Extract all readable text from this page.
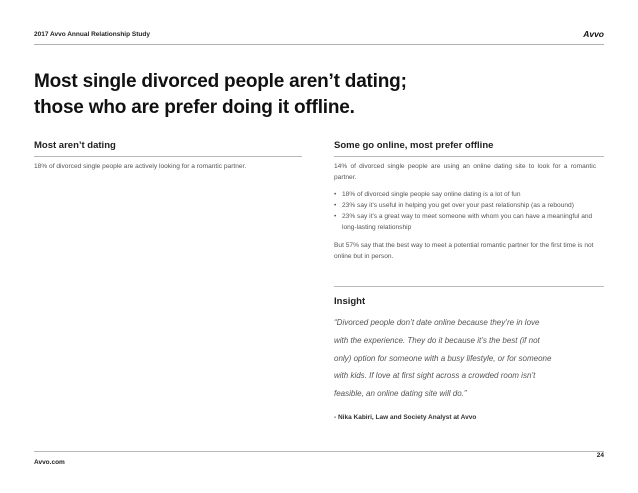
2017 Avvo Annual Relationship Study	Avvo
Most single divorced people aren’t dating;
those who are prefer doing it offline.
Most aren’t dating
18% of divorced single people are actively looking for a romantic partner.
Some go online, most prefer offline
14% of divorced single people are using an online dating site to look for a romantic partner.
• 18% of divorced single people say online dating is a lot of fun
• 23% say it’s useful in helping you get over your past relationship (as a rebound)
• 23% say it’s a great way to meet someone with whom you can have a meaningful and long-lasting relationship
But 57% say that the best way to meet a potential romantic partner for the first time is not online but in person.
Insight
“Divorced people don’t date online because they’re in love
with the experience. They do it because it’s the best (if not
only) option for someone with a busy lifestyle, or for someone
with kids. If love at first sight across a crowded room isn’t
feasible, an online dating site will do.”
- Nika Kabiri, Law and Society Analyst at Avvo
24
Avvo.com
